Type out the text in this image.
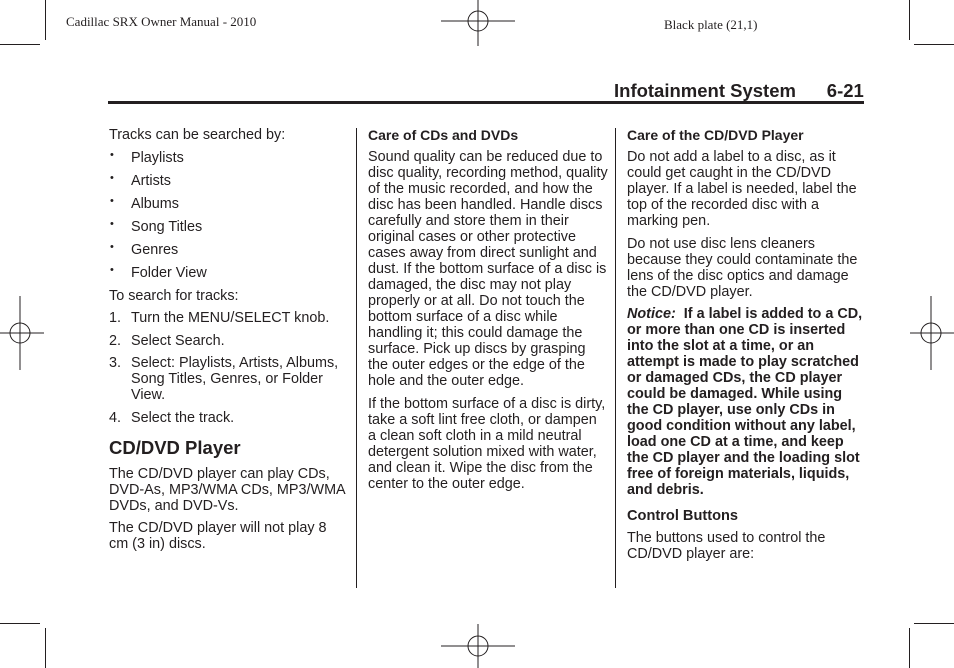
Cadillac SRX Owner Manual - 2010	Black plate (21,1)
Infotainment System 6-21

Tracks can be searched by:

• Playlists
• Artists
• Albums
• Song Titles
• Genres
• Folder View

To search for tracks:

1. Turn the MENU/SELECT knob.
2. Select Search.
3. Select: Playlists, Artists, Albums, Song Titles, Genres, or Folder View.
4. Select the track.
CD/DVD Player

The CD/DVD player can play CDs, DVD-As, MP3/WMA CDs, MP3/WMA DVDs, and DVD-Vs.

The CD/DVD player will not play 8 cm (3 in) discs.

Care of CDs and DVDs

Sound quality can be reduced due to disc quality, recording method, quality of the music recorded, and how the disc has been handled. Handle discs carefully and store them in their original cases or other protective cases away from direct sunlight and dust. If the bottom surface of a disc is damaged, the disc may not play properly or at all. Do not touch the bottom surface of a disc while handling it; this could damage the surface. Pick up discs by grasping the outer edges or the edge of the hole and the outer edge.

If the bottom surface of a disc is dirty, take a soft lint free cloth, or dampen a clean soft cloth in a mild neutral detergent solution mixed with water, and clean it. Wipe the disc from the center to the outer edge.

Care of the CD/DVD Player

Do not add a label to a disc, as it could get caught in the CD/DVD player. If a label is needed, label the top of the recorded disc with a marking pen.

Do not use disc lens cleaners because they could contaminate the lens of the disc optics and damage the CD/DVD player.

Notice: If a label is added to a CD, or more than one CD is inserted into the slot at a time, or an attempt is made to play scratched or damaged CDs, the CD player could be damaged. While using the CD player, use only CDs in good condition without any label, load one CD at a time, and keep the CD player and the loading slot free of foreign materials, liquids, and debris.

Control Buttons

The buttons used to control the CD/DVD player are:
